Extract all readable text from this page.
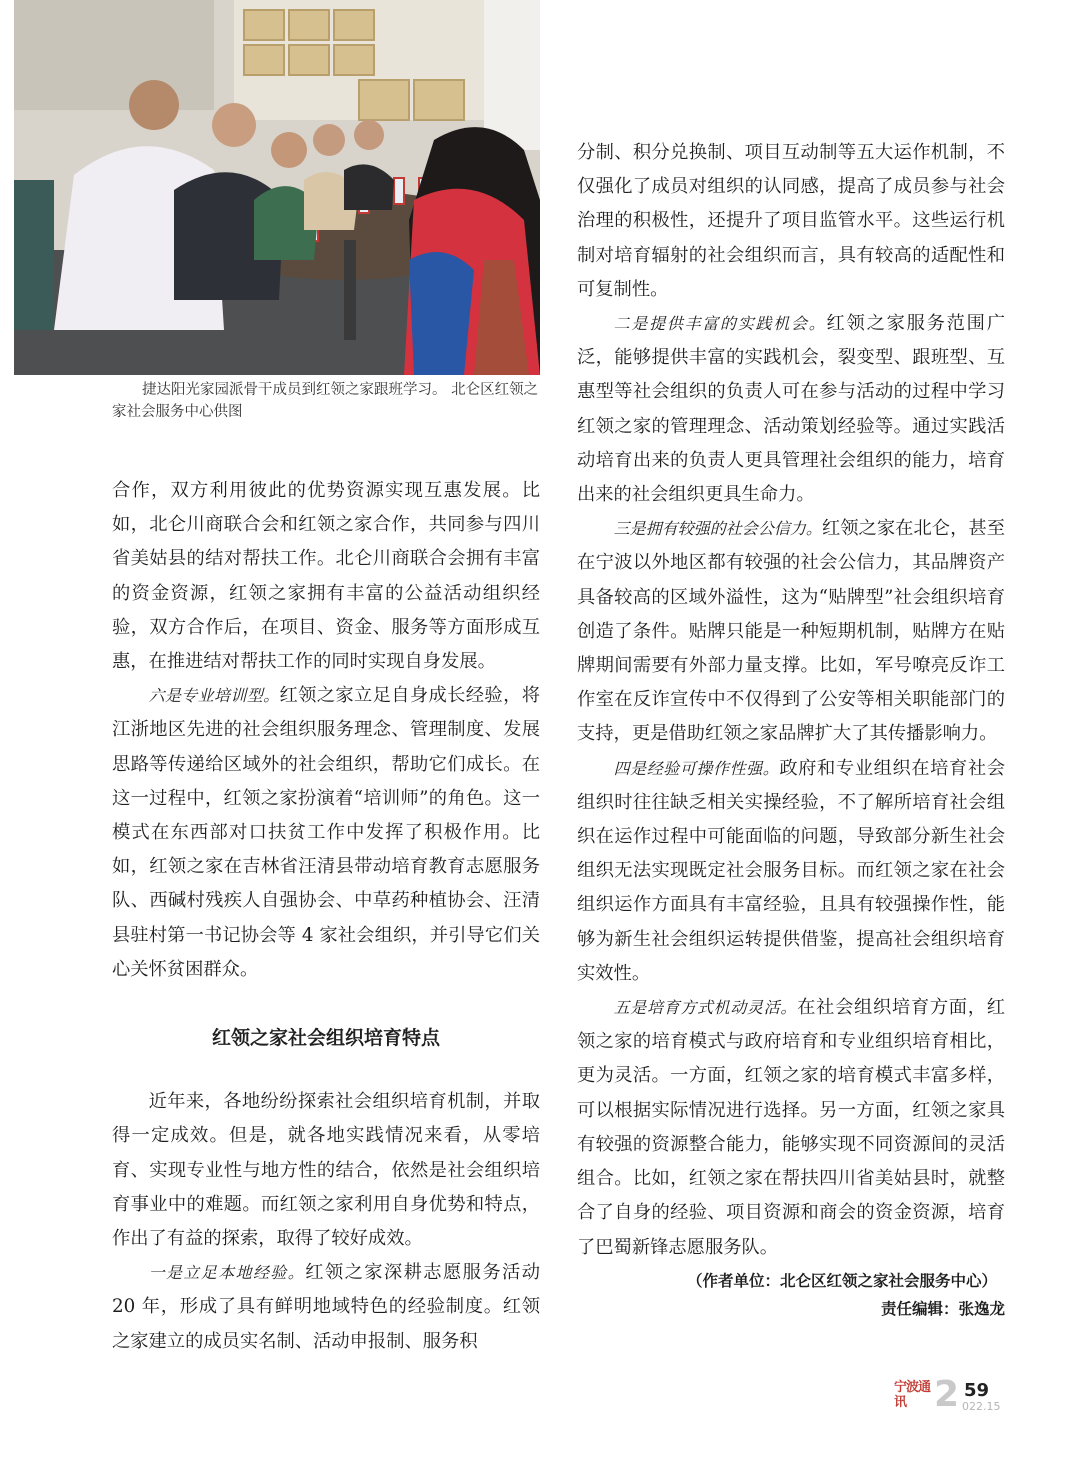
捷达阳光家园派骨干成员到红领之家跟班学习。 北仑区红领之家社会服务中心供图

合作，双方利用彼此的优势资源实现互惠发展。比如，北仑川商联合会和红领之家合作，共同参与四川省美姑县的结对帮扶工作。北仑川商联合会拥有丰富的资金资源，红领之家拥有丰富的公益活动组织经验，双方合作后，在项目、资金、服务等方面形成互惠，在推进结对帮扶工作的同时实现自身发展。

六是专业培训型。红领之家立足自身成长经验，将江浙地区先进的社会组织服务理念、管理制度、发展思路等传递给区域外的社会组织，帮助它们成长。在这一过程中，红领之家扮演着“培训师”的角色。这一模式在东西部对口扶贫工作中发挥了积极作用。比如，红领之家在吉林省汪清县带动培育教育志愿服务队、西碱村残疾人自强协会、中草药种植协会、汪清县驻村第一书记协会等 4 家社会组织，并引导它们关心关怀贫困群众。

红领之家社会组织培育特点

近年来，各地纷纷探索社会组织培育机制，并取得一定成效。但是，就各地实践情况来看，从零培育、实现专业性与地方性的结合，依然是社会组织培育事业中的难题。而红领之家利用自身优势和特点，作出了有益的探索，取得了较好成效。

一是立足本地经验。红领之家深耕志愿服务活动 20 年，形成了具有鲜明地域特色的经验制度。红领之家建立的成员实名制、活动申报制、服务积

分制、积分兑换制、项目互动制等五大运作机制，不仅强化了成员对组织的认同感，提高了成员参与社会治理的积极性，还提升了项目监管水平。这些运行机制对培育辐射的社会组织而言，具有较高的适配性和可复制性。

二是提供丰富的实践机会。红领之家服务范围广泛，能够提供丰富的实践机会，裂变型、跟班型、互惠型等社会组织的负责人可在参与活动的过程中学习红领之家的管理理念、活动策划经验等。通过实践活动培育出来的负责人更具管理社会组织的能力，培育出来的社会组织更具生命力。

三是拥有较强的社会公信力。红领之家在北仑，甚至在宁波以外地区都有较强的社会公信力，其品牌资产具备较高的区域外溢性，这为“贴牌型”社会组织培育创造了条件。贴牌只能是一种短期机制，贴牌方在贴牌期间需要有外部力量支撑。比如，军号嘹亮反诈工作室在反诈宣传中不仅得到了公安等相关职能部门的支持，更是借助红领之家品牌扩大了其传播影响力。

四是经验可操作性强。政府和专业组织在培育社会组织时往往缺乏相关实操经验，不了解所培育社会组织在运作过程中可能面临的问题，导致部分新生社会组织无法实现既定社会服务目标。而红领之家在社会组织运作方面具有丰富经验，且具有较强操作性，能够为新生社会组织运转提供借鉴，提高社会组织培育实效性。

五是培育方式机动灵活。在社会组织培育方面，红领之家的培育模式与政府培育和专业组织培育相比，更为灵活。一方面，红领之家的培育模式丰富多样，可以根据实际情况进行选择。另一方面，红领之家具有较强的资源整合能力，能够实现不同资源间的灵活组合。比如，红领之家在帮扶四川省美姑县时，就整合了自身的经验、项目资源和商会的资金资源，培育了巴蜀新锋志愿服务队。

（作者单位：北仑区红领之家社会服务中心）

责任编辑：张逸龙

宁波通讯 2 59
022.15
